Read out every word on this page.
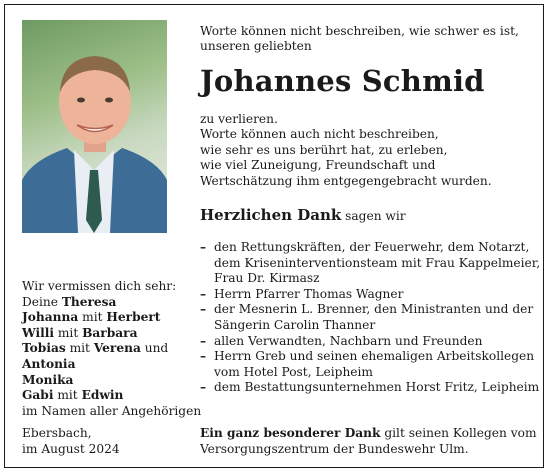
Worte können nicht beschreiben, wie schwer es ist,
unseren geliebten
Johannes Schmid
zu verlieren.
Worte können auch nicht beschreiben,
wie sehr es uns berührt hat, zu erleben,
wie viel Zuneigung, Freundschaft und
Wertschätzung ihm entgegengebracht wurden.
Herzlichen Dank sagen wir
– den Rettungskräften, der Feuerwehr, dem Notarzt,
dem Kriseninterventionsteam mit Frau Kappelmeier,
Frau Dr. Kirmasz
– Herrn Pfarrer Thomas Wagner
– der Mesnerin L. Brenner, den Ministranten und der
Sängerin Carolin Thanner
– allen Verwandten, Nachbarn und Freunden
– Herrn Greb und seinen ehemaligen Arbeitskollegen
vom Hotel Post, Leipheim
– dem Bestattungsunternehmen Horst Fritz, Leipheim
Wir vermissen dich sehr:
Deine Theresa
Johanna mit Herbert
Willi mit Barbara
Tobias mit Verena und
Antonia
Monika
Gabi mit Edwin
im Namen aller Angehörigen
Ebersbach,
im August 2024
Ein ganz besonderer Dank gilt seinen Kollegen vom
Versorgungszentrum der Bundeswehr Ulm.
